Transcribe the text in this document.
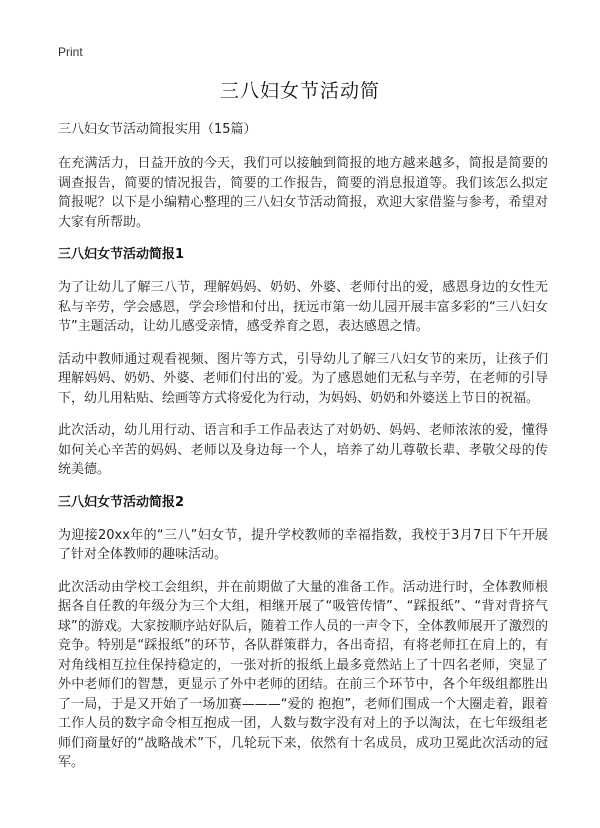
Print
三八妇女节活动简
三八妇女节活动简报实用（15篇）

在充满活力，日益开放的今天，我们可以接触到简报的地方越来越多，简报是简要的调查报告，简要的情况报告，简要的工作报告，简要的消息报道等。我们该怎么拟定简报呢？以下是小编精心整理的三八妇女节活动简报，欢迎大家借鉴与参考，希望对大家有所帮助。

三八妇女节活动简报1

为了让幼儿了解三八节，理解妈妈、奶奶、外婆、老师付出的爱，感恩身边的女性无私与辛劳，学会感恩，学会珍惜和付出，抚远市第一幼儿园开展丰富多彩的“三八妇女节”主题活动，让幼儿感受亲情，感受养育之恩，表达感恩之情。

活动中教师通过观看视频、图片等方式，引导幼儿了解三八妇女节的来历，让孩子们理解妈妈、奶奶、外婆、老师们付出的‵爱。为了感恩她们无私与辛劳，在老师的引导下，幼儿用粘贴、绘画等方式将爱化为行动，为妈妈、奶奶和外婆送上节日的祝福。

此次活动，幼儿用行动、语言和手工作品表达了对奶奶、妈妈、老师浓浓的爱，懂得如何关心辛苦的妈妈、老师以及身边每一个人，培养了幼儿尊敬长辈、孝敬父母的传统美德。

三八妇女节活动简报2

为迎接20xx年的“三八”妇女节，提升学校教师的幸福指数，我校于3月7日下午开展了针对全体教师的趣味活动。

此次活动由学校工会组织，并在前期做了大量的准备工作。活动进行时，全体教师根据各自任教的年级分为三个大组，相继开展了“吸管传情”、“踩报纸”、“背对背挤气球”的游戏。大家按顺序站好队后，随着工作人员的一声令下，全体教师展开了激烈的竞争。特别是“踩报纸”的环节，各队群策群力，各出奇招，有将老师扛在肩上的，有对角线相互拉住保持稳定的，一张对折的报纸上最多竟然站上了十四名老师，突显了外中老师们的智慧，更显示了外中老师的团结。在前三个环节中，各个年级组都胜出了一局，于是又开始了一场加赛———“爱的 抱抱”，老师们围成一个大圈走着，跟着工作人员的数字命令相互抱成一团，人数与数字没有对上的予以淘汰，在七年级组老师们商量好的“战略战术”下，几轮玩下来，依然有十名成员，成功卫冕此次活动的冠军。
